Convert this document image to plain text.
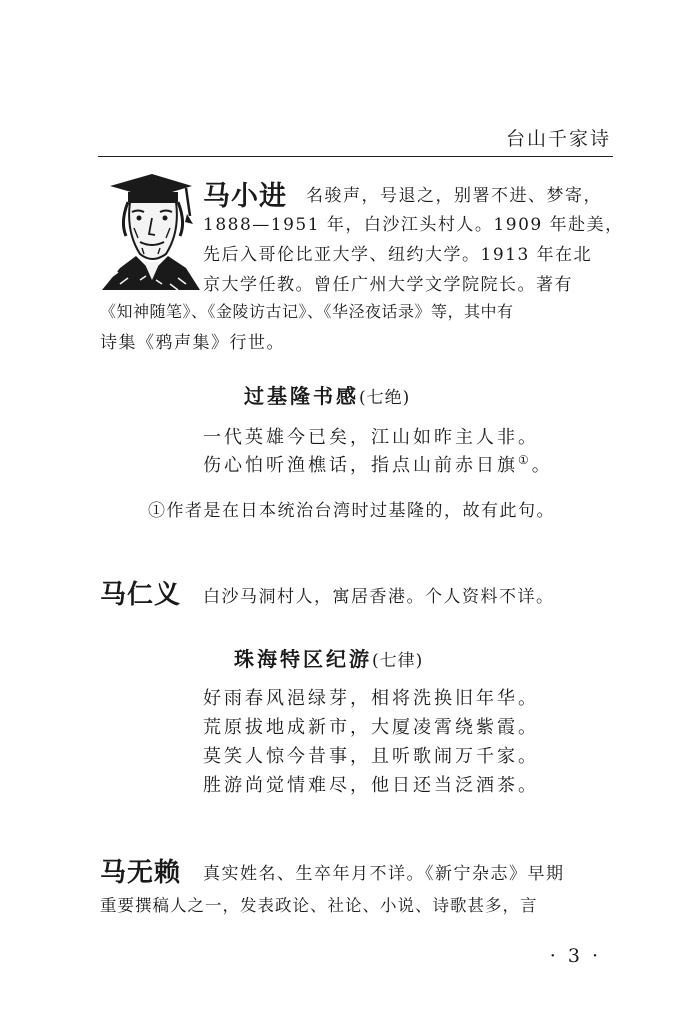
台山千家诗
马小进 名骏声，号退之，别署不进、梦寄，
1888—1951 年，白沙江头村人。1909 年赴美，
先后入哥伦比亚大学、纽约大学。1913 年在北
京大学任教。曾任广州大学文学院院长。著有
《知神随笔》、《金陵访古记》、《华泾夜话录》等，其中有
诗集《鸦声集》行世。
过基隆书感(七绝)
一代英雄今已矣，江山如昨主人非。
伤心怕听渔樵话，指点山前赤日旗①。
①作者是在日本统治台湾时过基隆的，故有此句。
马仁义 白沙马洞村人，寓居香港。个人资料不详。
珠海特区纪游(七律)
好雨春风浥绿芽，相将洗换旧年华。
荒原拔地成新市，大厦凌霄绕紫霞。
莫笑人惊今昔事，且听歌闹万千家。
胜游尚觉情难尽，他日还当泛酒茶。
马无赖 真实姓名、生卒年月不详。《新宁杂志》早期
重要撰稿人之一，发表政论、社论、小说、诗歌甚多，言
· 3 ·
